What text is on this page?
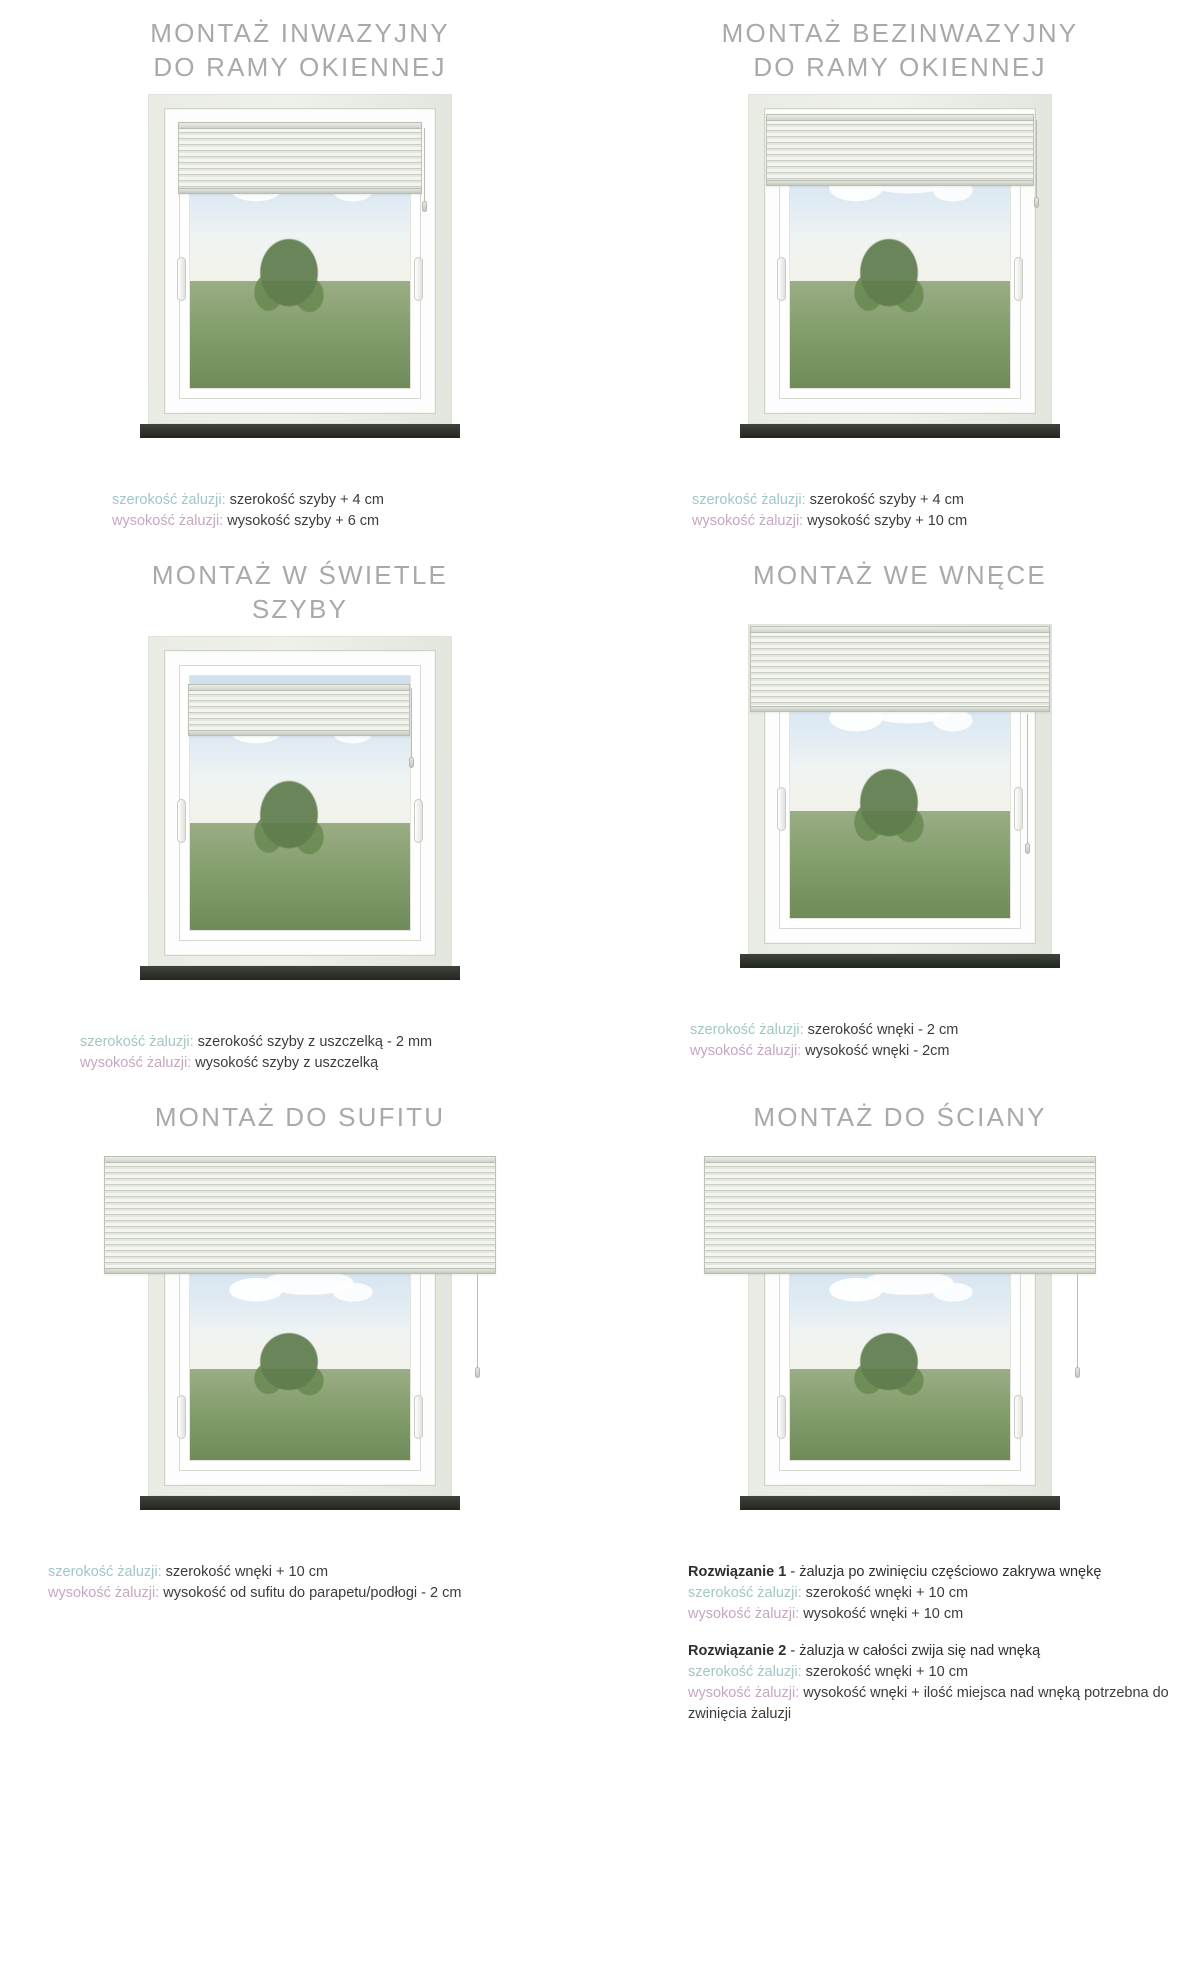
MONTAŻ INWAZYJNY
DO RAMY OKIENNEJ
szerokość żaluzji: szerokość szyby + 4 cm
wysokość żaluzji: wysokość szyby + 6 cm
MONTAŻ BEZINWAZYJNY
DO RAMY OKIENNEJ
szerokość żaluzji: szerokość szyby + 4 cm
wysokość żaluzji: wysokość szyby + 10 cm
MONTAŻ W ŚWIETLE
SZYBY
szerokość żaluzji: szerokość szyby z uszczelką - 2 mm
wysokość żaluzji: wysokość szyby z uszczelką
MONTAŻ WE WNĘCE
szerokość żaluzji: szerokość wnęki - 2 cm
wysokość żaluzji: wysokość wnęki - 2cm
MONTAŻ DO SUFITU
szerokość żaluzji: szerokość wnęki + 10 cm
wysokość żaluzji: wysokość od sufitu do parapetu/podłogi - 2 cm
MONTAŻ DO ŚCIANY
Rozwiązanie 1 - żaluzja po zwinięciu częściowo zakrywa wnękę
szerokość żaluzji: szerokość wnęki + 10 cm
wysokość żaluzji: wysokość wnęki + 10 cm
Rozwiązanie 2 - żaluzja w całości zwija się nad wnęką
szerokość żaluzji: szerokość wnęki + 10 cm
wysokość żaluzji: wysokość wnęki + ilość miejsca nad wnęką potrzebna do zwinięcia żaluzji
